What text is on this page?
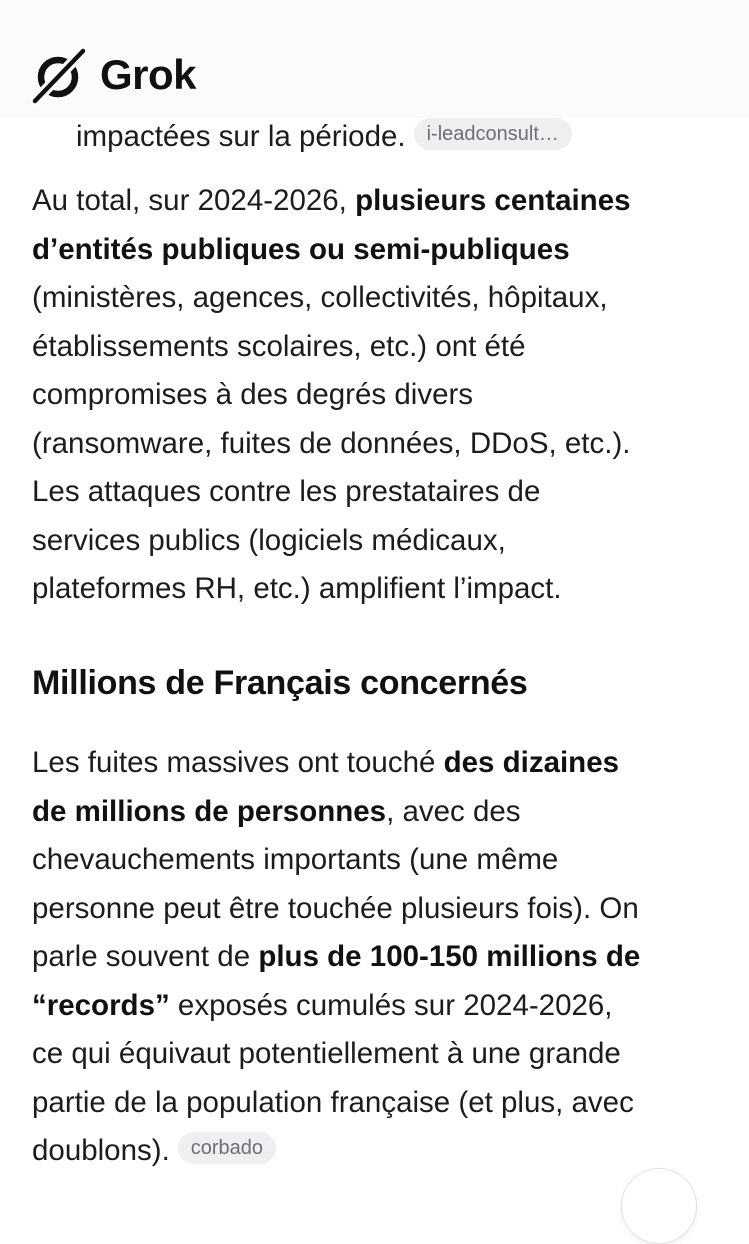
Grok
impactées sur la période. i-leadconsult…
Au total, sur 2024-2026, plusieurs centaines
d’entités publiques ou semi-publiques
(ministères, agences, collectivités, hôpitaux,
établissements scolaires, etc.) ont été
compromises à des degrés divers
(ransomware, fuites de données, DDoS, etc.).
Les attaques contre les prestataires de
services publics (logiciels médicaux,
plateformes RH, etc.) amplifient l’impact.
Millions de Français concernés
Les fuites massives ont touché des dizaines
de millions de personnes, avec des
chevauchements importants (une même
personne peut être touchée plusieurs fois). On
parle souvent de plus de 100-150 millions de
“records” exposés cumulés sur 2024-2026,
ce qui équivaut potentiellement à une grande
partie de la population française (et plus, avec
doublons). corbado
